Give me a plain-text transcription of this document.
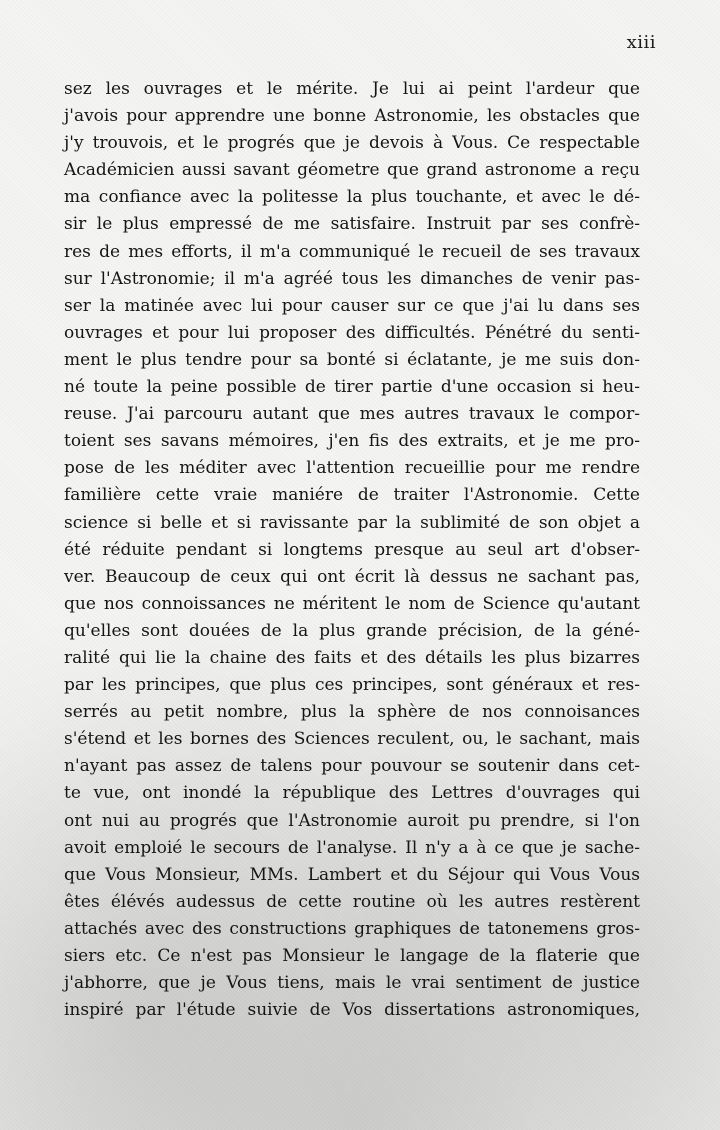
xiii
sez les ouvrages et le mérite. Je lui ai peint l'ardeur que
j'avois pour apprendre une bonne Astronomie, les obstacles que
j'y trouvois, et le progrés que je devois à Vous. Ce respectable
Académicien aussi savant géometre que grand astronome a reçu
ma confiance avec la politesse la plus touchante, et avec le dé-
sir le plus empressé de me satisfaire. Instruit par ses confrè-
res de mes efforts, il m'a communiqué le recueil de ses travaux
sur l'Astronomie; il m'a agréé tous les dimanches de venir pas-
ser la matinée avec lui pour causer sur ce que j'ai lu dans ses
ouvrages et pour lui proposer des difficultés. Pénétré du senti-
ment le plus tendre pour sa bonté si éclatante, je me suis don-
né toute la peine possible de tirer partie d'une occasion si heu-
reuse. J'ai parcouru autant que mes autres travaux le compor-
toient ses savans mémoires, j'en fis des extraits, et je me pro-
pose de les méditer avec l'attention recueillie pour me rendre
familière cette vraie maniére de traiter l'Astronomie. Cette
science si belle et si ravissante par la sublimité de son objet a
été réduite pendant si longtems presque au seul art d'obser-
ver. Beaucoup de ceux qui ont écrit là dessus ne sachant pas,
que nos connoissances ne méritent le nom de Science qu'autant
qu'elles sont douées de la plus grande précision, de la géné-
ralité qui lie la chaine des faits et des détails les plus bizarres
par les principes, que plus ces principes, sont généraux et res-
serrés au petit nombre, plus la sphère de nos connoisances
s'étend et les bornes des Sciences reculent, ou, le sachant, mais
n'ayant pas assez de talens pour pouvour se soutenir dans cet-
te vue, ont inondé la république des Lettres d'ouvrages qui
ont nui au progrés que l'Astronomie auroit pu prendre, si l'on
avoit emploié le secours de l'analyse. Il n'y a à ce que je sache-
que Vous Monsieur, MMs. Lambert et du Séjour qui Vous Vous
êtes élévés audessus de cette routine où les autres restèrent
attachés avec des constructions graphiques de tatonemens gros-
siers etc. Ce n'est pas Monsieur le langage de la flaterie que
j'abhorre, que je Vous tiens, mais le vrai sentiment de justice
inspiré par l'étude suivie de Vos dissertations astronomiques,
